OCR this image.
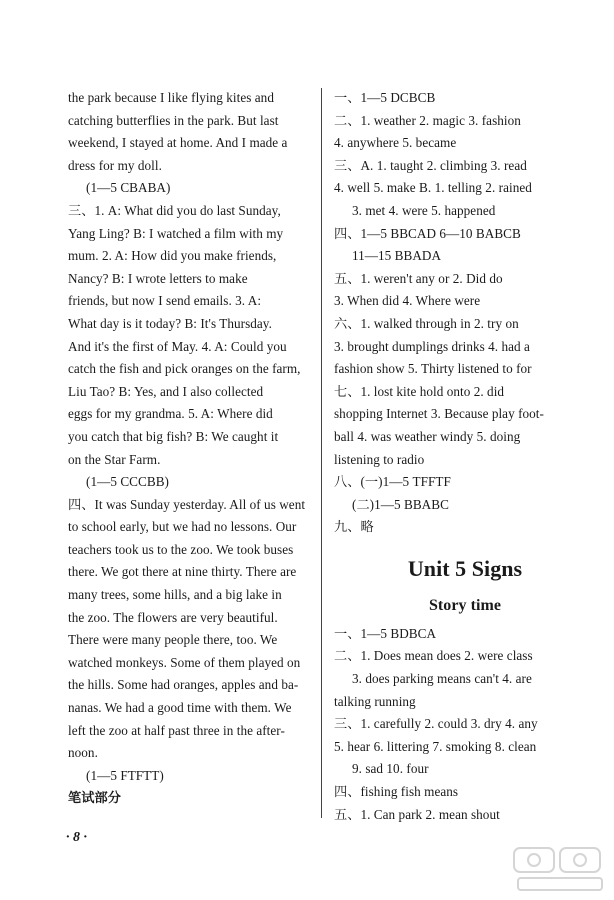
the park because I like flying kites and
catching butterflies in the park. But last
weekend, I stayed at home. And I made a
dress for my doll.
(1—5 CBABA)
三、1. A: What did you do last Sunday,
Yang Ling? B: I watched a film with my
mum. 2. A: How did you make friends,
Nancy? B: I wrote letters to make
friends, but now I send emails. 3. A:
What day is it today? B: It's Thursday.
And it's the first of May. 4. A: Could you
catch the fish and pick oranges on the farm,
Liu Tao? B: Yes, and I also collected
eggs for my grandma. 5. A: Where did
you catch that big fish? B: We caught it
on the Star Farm.
(1—5 CCCBB)
四、It was Sunday yesterday. All of us went
to school early, but we had no lessons. Our
teachers took us to the zoo. We took buses
there. We got there at nine thirty. There are
many trees, some hills, and a big lake in
the zoo. The flowers are very beautiful.
There were many people there, too. We
watched monkeys. Some of them played on
the hills. Some had oranges, apples and ba-
nanas. We had a good time with them. We
left the zoo at half past three in the after-
noon.
(1—5 FTFTT)
笔试部分
一、1—5 DCBCB
二、1. weather 2. magic 3. fashion
4. anywhere 5. became
三、A. 1. taught 2. climbing 3. read
4. well 5. make B. 1. telling 2. rained
3. met 4. were 5. happened
四、1—5 BBCAD 6—10 BABCB
11—15 BBADA
五、1. weren't any or 2. Did do
3. When did 4. Where were
六、1. walked through in 2. try on
3. brought dumplings drinks 4. had a
fashion show 5. Thirty listened to for
七、1. lost kite hold onto 2. did
shopping Internet 3. Because play foot-
ball 4. was weather windy 5. doing
listening to radio
八、(一)1—5 TFFTF
(二)1—5 BBABC
九、略
Unit 5 Signs
Story time
一、1—5 BDBCA
二、1. Does mean does 2. were class
3. does parking means can't 4. are
talking running
三、1. carefully 2. could 3. dry 4. any
5. hear 6. littering 7. smoking 8. clean
9. sad 10. four
四、fishing fish means
五、1. Can park 2. mean shout
· 8 ·
